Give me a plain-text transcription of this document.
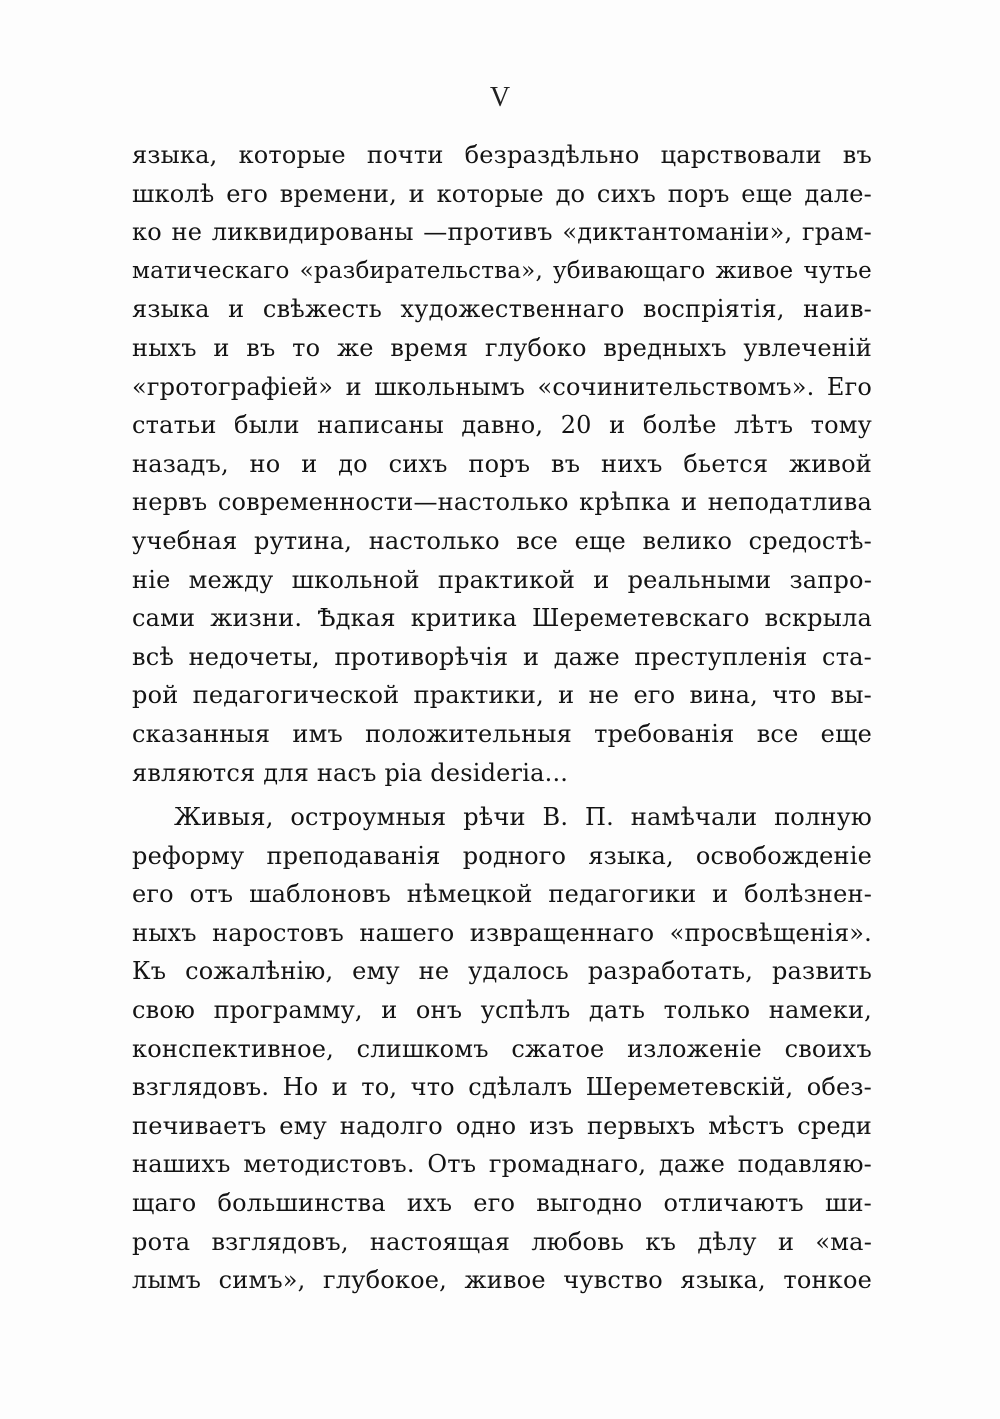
V
языка, которые почти безраздѣльно царствовали въ
школѣ его времени, и которые до сихъ поръ еще дале-
ко не ликвидированы —противъ «диктантоманіи», грам-
матическаго «разбирательства», убивающаго живое чутье
языка и свѣжесть художественнаго воспріятія, наив-
ныхъ и въ то же время глубоко вредныхъ увлеченій
«гротографіей» и школьнымъ «сочинительствомъ». Его
статьи были написаны давно, 20 и болѣе лѣтъ тому
назадъ, но и до сихъ поръ въ нихъ бьется живой
нервъ современности—настолько крѣпка и неподатлива
учебная рутина, настолько все еще велико средостѣ-
ніе между школьной практикой и реальными запро-
сами жизни. Ѣдкая критика Шереметевскаго вскрыла
всѣ недочеты, противорѣчія и даже преступленія ста-
рой педагогической практики, и не его вина, что вы-
сказанныя имъ положительныя требованія все еще
являются для насъ pia desideria...
Живыя, остроумныя рѣчи В. П. намѣчали полную
реформу преподаванія родного языка, освобожденіе
его отъ шаблоновъ нѣмецкой педагогики и болѣзнен-
ныхъ наростовъ нашего извращеннаго «просвѣщенія».
Къ сожалѣнію, ему не удалось разработать, развить
свою программу, и онъ успѣлъ дать только намеки,
конспективное, слишкомъ сжатое изложеніе своихъ
взглядовъ. Но и то, что сдѣлалъ Шереметевскій, обез-
печиваетъ ему надолго одно изъ первыхъ мѣстъ среди
нашихъ методистовъ. Отъ громаднаго, даже подавляю-
щаго большинства ихъ его выгодно отличаютъ ши-
рота взглядовъ, настоящая любовь къ дѣлу и «ма-
лымъ симъ», глубокое, живое чувство языка, тонкое
